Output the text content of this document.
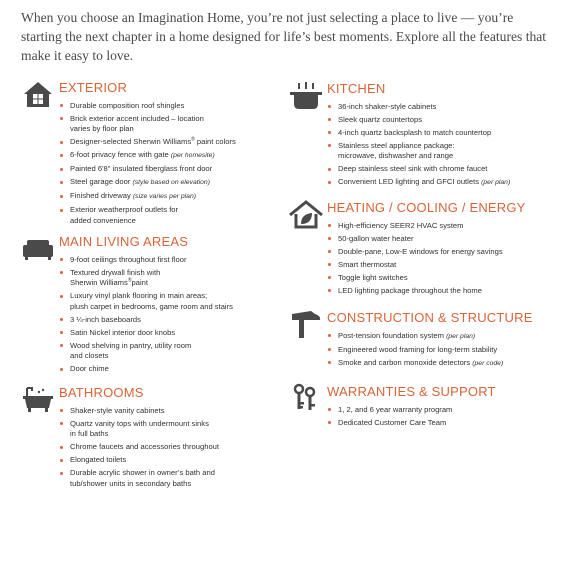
When you choose an Imagination Home, you’re not just selecting a place to live — you’re starting the next chapter in a home designed for life’s best moments. Explore all the features that make it easy to love.

EXTERIOR
Durable composition roof shingles
Brick exterior accent included – location
varies by floor plan
Designer-selected Sherwin Williams® paint colors
6-foot privacy fence with gate (per homesite)
Painted 6'8" insulated fiberglass front door
Steel garage door (style based on elevation)
Finished driveway (size varies per plan)
Exterior weatherproof outlets for
added convenience
MAIN LIVING AREAS
9-foot ceilings throughout first floor
Textured drywall finish with
Sherwin Williams®paint
Luxury vinyl plank flooring in main areas;
plush carpet in bedrooms, game room and stairs
3 ¼-inch baseboards
Satin Nickel interior door knobs
Wood shelving in pantry, utility room
and closets
Door chime
BATHROOMS
Shaker-style vanity cabinets
Quartz vanity tops with undermount sinks
in full baths
Chrome faucets and accessories throughout
Elongated toilets
Durable acrylic shower in owner’s bath and
tub/shower units in secondary baths
KITCHEN
36-inch shaker-style cabinets
Sleek quartz countertops
4-inch quartz backsplash to match countertop
Stainless steel appliance package:
microwave, dishwasher and range
Deep stainless steel sink with chrome faucet
Convenient LED lighting and GFCI outlets (per plan)
HEATING / COOLING / ENERGY
High-efficiency SEER2 HVAC system
50-gallon water heater
Double-pane, Low-E windows for energy savings
Smart thermostat
Toggle light switches
LED lighting package throughout the home
CONSTRUCTION & STRUCTURE
Post-tension foundation system (per plan)
Engineered wood framing for long-term stability
Smoke and carbon monoxide detectors (per code)
WARRANTIES & SUPPORT
1, 2, and 6 year warranty program
Dedicated Customer Care Team
